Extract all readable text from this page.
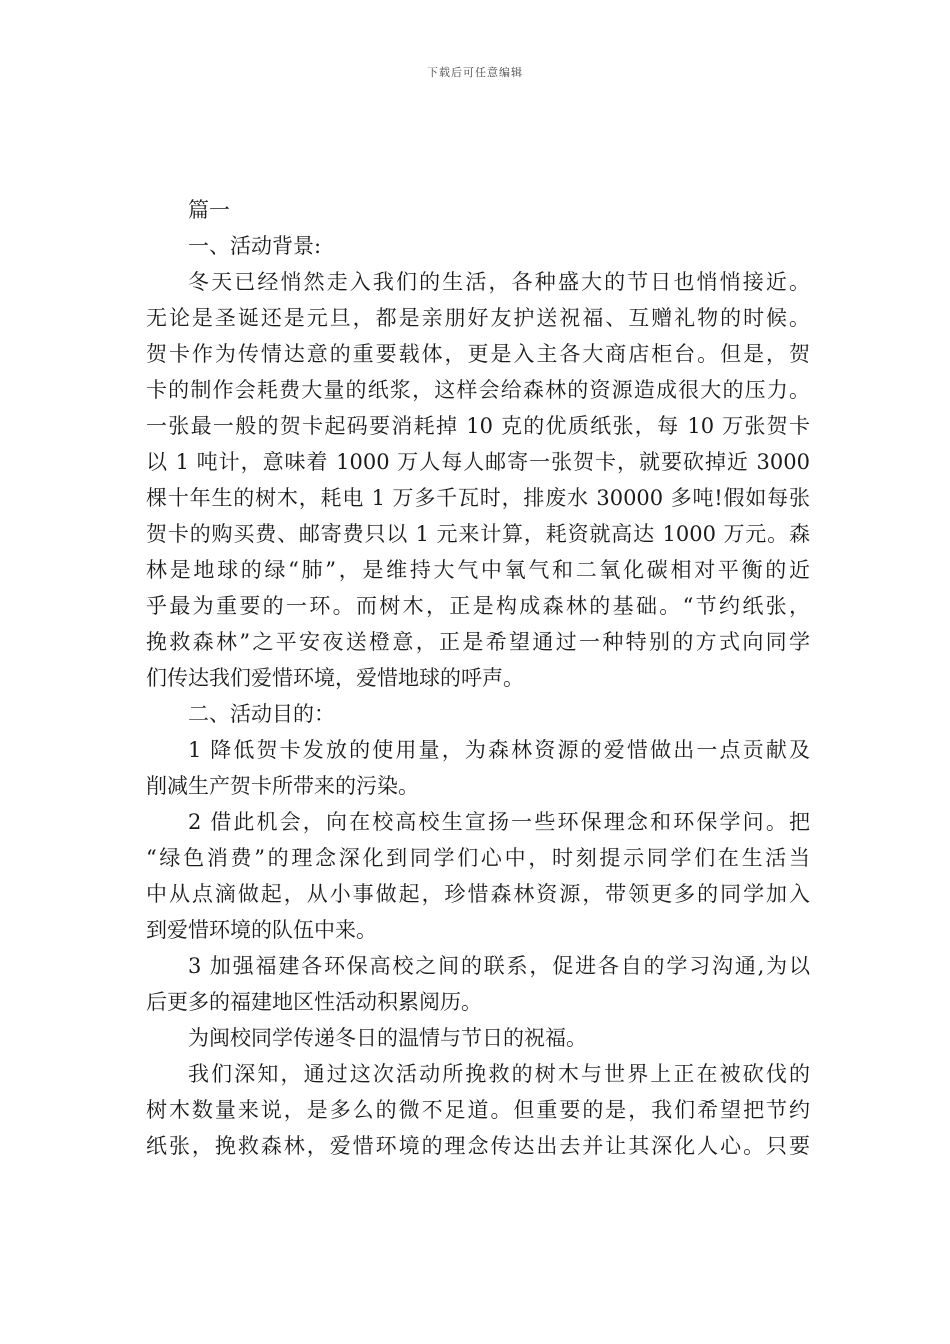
下载后可任意编辑
篇一
一、活动背景:
冬天已经悄然走入我们的生活，各种盛大的节日也悄悄接近。
无论是圣诞还是元旦，都是亲朋好友护送祝福、互赠礼物的时候。
贺卡作为传情达意的重要载体，更是入主各大商店柜台。但是，贺
卡的制作会耗费大量的纸浆，这样会给森林的资源造成很大的压力。
一张最一般的贺卡起码要消耗掉 10 克的优质纸张，每 10 万张贺卡
以 1 吨计，意味着 1000 万人每人邮寄一张贺卡，就要砍掉近 3000
棵十年生的树木，耗电 1 万多千瓦时，排废水 30000 多吨!假如每张
贺卡的购买费、邮寄费只以 1 元来计算，耗资就高达 1000 万元。森
林是地球的绿“肺”，是维持大气中氧气和二氧化碳相对平衡的近
乎最为重要的一环。而树木，正是构成森林的基础。“节约纸张，
挽救森林”之平安夜送橙意，正是希望通过一种特别的方式向同学
们传达我们爱惜环境，爱惜地球的呼声。
二、活动目的：
1 降低贺卡发放的使用量，为森林资源的爱惜做出一点贡献及
削减生产贺卡所带来的污染。
2 借此机会，向在校高校生宣扬一些环保理念和环保学问。把
“绿色消费”的理念深化到同学们心中，时刻提示同学们在生活当
中从点滴做起，从小事做起，珍惜森林资源，带领更多的同学加入
到爱惜环境的队伍中来。
3 加强福建各环保高校之间的联系，促进各自的学习沟通,为以
后更多的福建地区性活动积累阅历。
为闽校同学传递冬日的温情与节日的祝福。
我们深知，通过这次活动所挽救的树木与世界上正在被砍伐的
树木数量来说，是多么的微不足道。但重要的是，我们希望把节约
纸张，挽救森林，爱惜环境的理念传达出去并让其深化人心。只要
